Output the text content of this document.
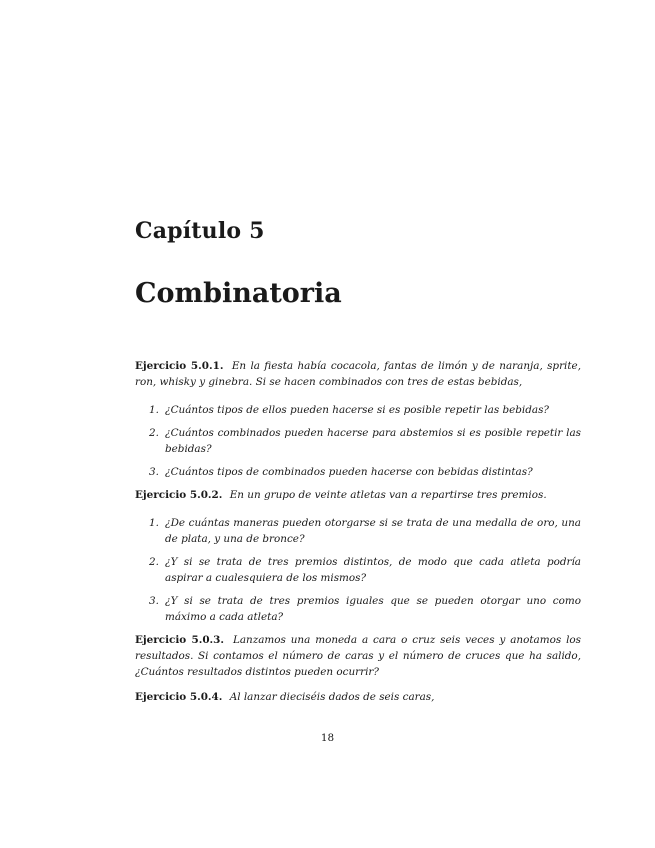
Capítulo 5
Combinatoria

Ejercicio 5.0.1. En la fiesta había cocacola, fantas de limón y de naranja, sprite, ron, whisky y ginebra. Si se hacen combinados con tres de estas bebidas,

1. ¿Cuántos tipos de ellos pueden hacerse si es posible repetir las bebidas?
2. ¿Cuántos combinados pueden hacerse para abstemios si es posible repetir las bebidas?
3. ¿Cuántos tipos de combinados pueden hacerse con bebidas distintas?

Ejercicio 5.0.2. En un grupo de veinte atletas van a repartirse tres premios.

1. ¿De cuántas maneras pueden otorgarse si se trata de una medalla de oro, una de plata, y una de bronce?
2. ¿Y si se trata de tres premios distintos, de modo que cada atleta podría aspirar a cualesquiera de los mismos?
3. ¿Y si se trata de tres premios iguales que se pueden otorgar uno como máximo a cada atleta?

Ejercicio 5.0.3. Lanzamos una moneda a cara o cruz seis veces y anotamos los resultados. Si contamos el número de caras y el número de cruces que ha salido, ¿Cuántos resultados distintos pueden ocurrir?

Ejercicio 5.0.4. Al lanzar dieciséis dados de seis caras,

18
